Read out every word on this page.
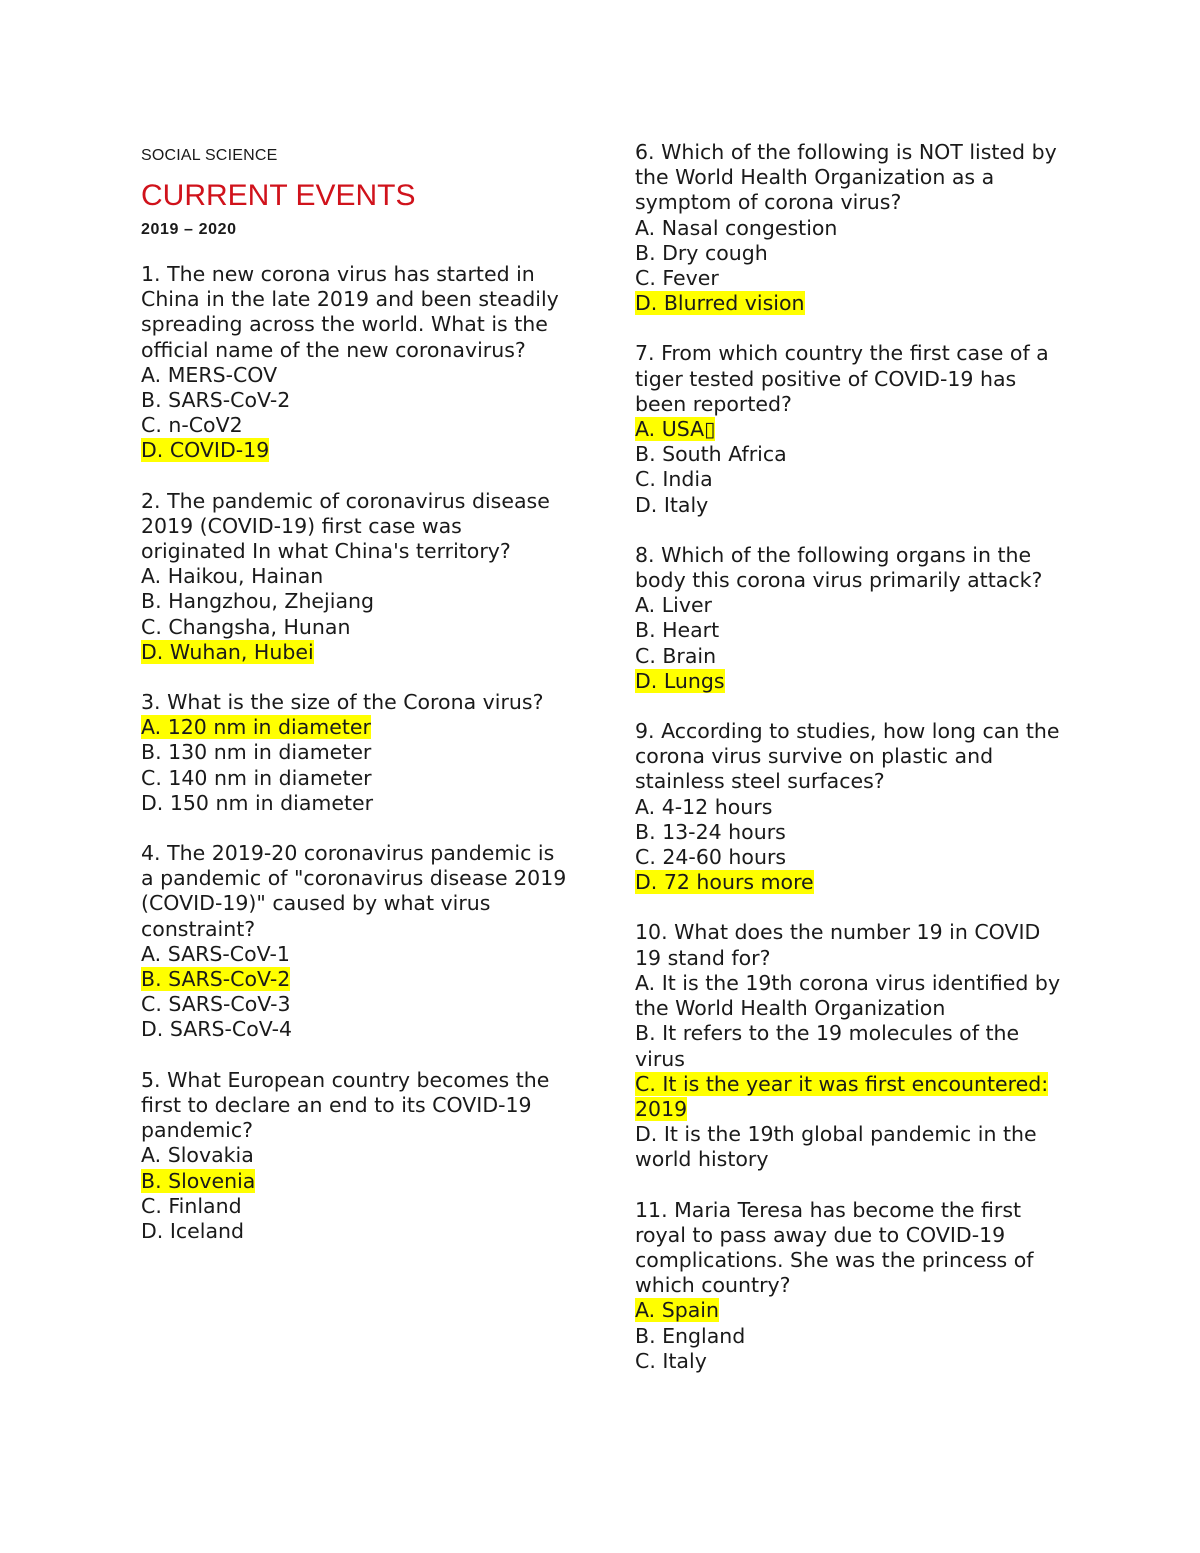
SOCIAL SCIENCE
CURRENT EVENTS
2019 – 2020

1. The new corona virus has started in China in the late 2019 and been steadily spreading across the world. What is the official name of the new coronavirus?

A. MERS-COV
B. SARS-CoV-2
C. n-CoV2
D. COVID-19

2. The pandemic of coronavirus disease 2019 (COVID-19) first case was originated In what China's territory?

A. Haikou, Hainan
B. Hangzhou, Zhejiang
C. Changsha, Hunan
D. Wuhan, Hubei

3. What is the size of the Corona virus?

A. 120 nm in diameter
B. 130 nm in diameter
C. 140 nm in diameter
D. 150 nm in diameter

4. The 2019-20 coronavirus pandemic is a pandemic of "coronavirus disease 2019 (COVID-19)" caused by what virus constraint?

A. SARS-CoV-1
B. SARS-CoV-2
C. SARS-CoV-3
D. SARS-CoV-4

5. What European country becomes the first to declare an end to its COVID-19 pandemic?

A. Slovakia
B. Slovenia
C. Finland
D. Iceland

6. Which of the following is NOT listed by the World Health Organization as a symptom of corona virus?

A. Nasal congestion
B. Dry cough
C. Fever
D. Blurred vision

7. From which country the first case of a tiger tested positive of COVID-19 has been reported?

A. USA▯
B. South Africa
C. India
D. Italy

8. Which of the following organs in the body this corona virus primarily attack?

A. Liver
B. Heart
C. Brain
D. Lungs

9. According to studies, how long can the corona virus survive on plastic and stainless steel surfaces?

A. 4-12 hours
B. 13-24 hours
C. 24-60 hours
D. 72 hours more

10. What does the number 19 in COVID 19 stand for?

A. It is the 19th corona virus identified by the World Health Organization
B. It refers to the 19 molecules of the virus
C. It is the year it was first encountered: 2019
D. It is the 19th global pandemic in the world history

11. Maria Teresa has become the first royal to pass away due to COVID-19 complications. She was the princess of which country?

A. Spain
B. England
C. Italy
